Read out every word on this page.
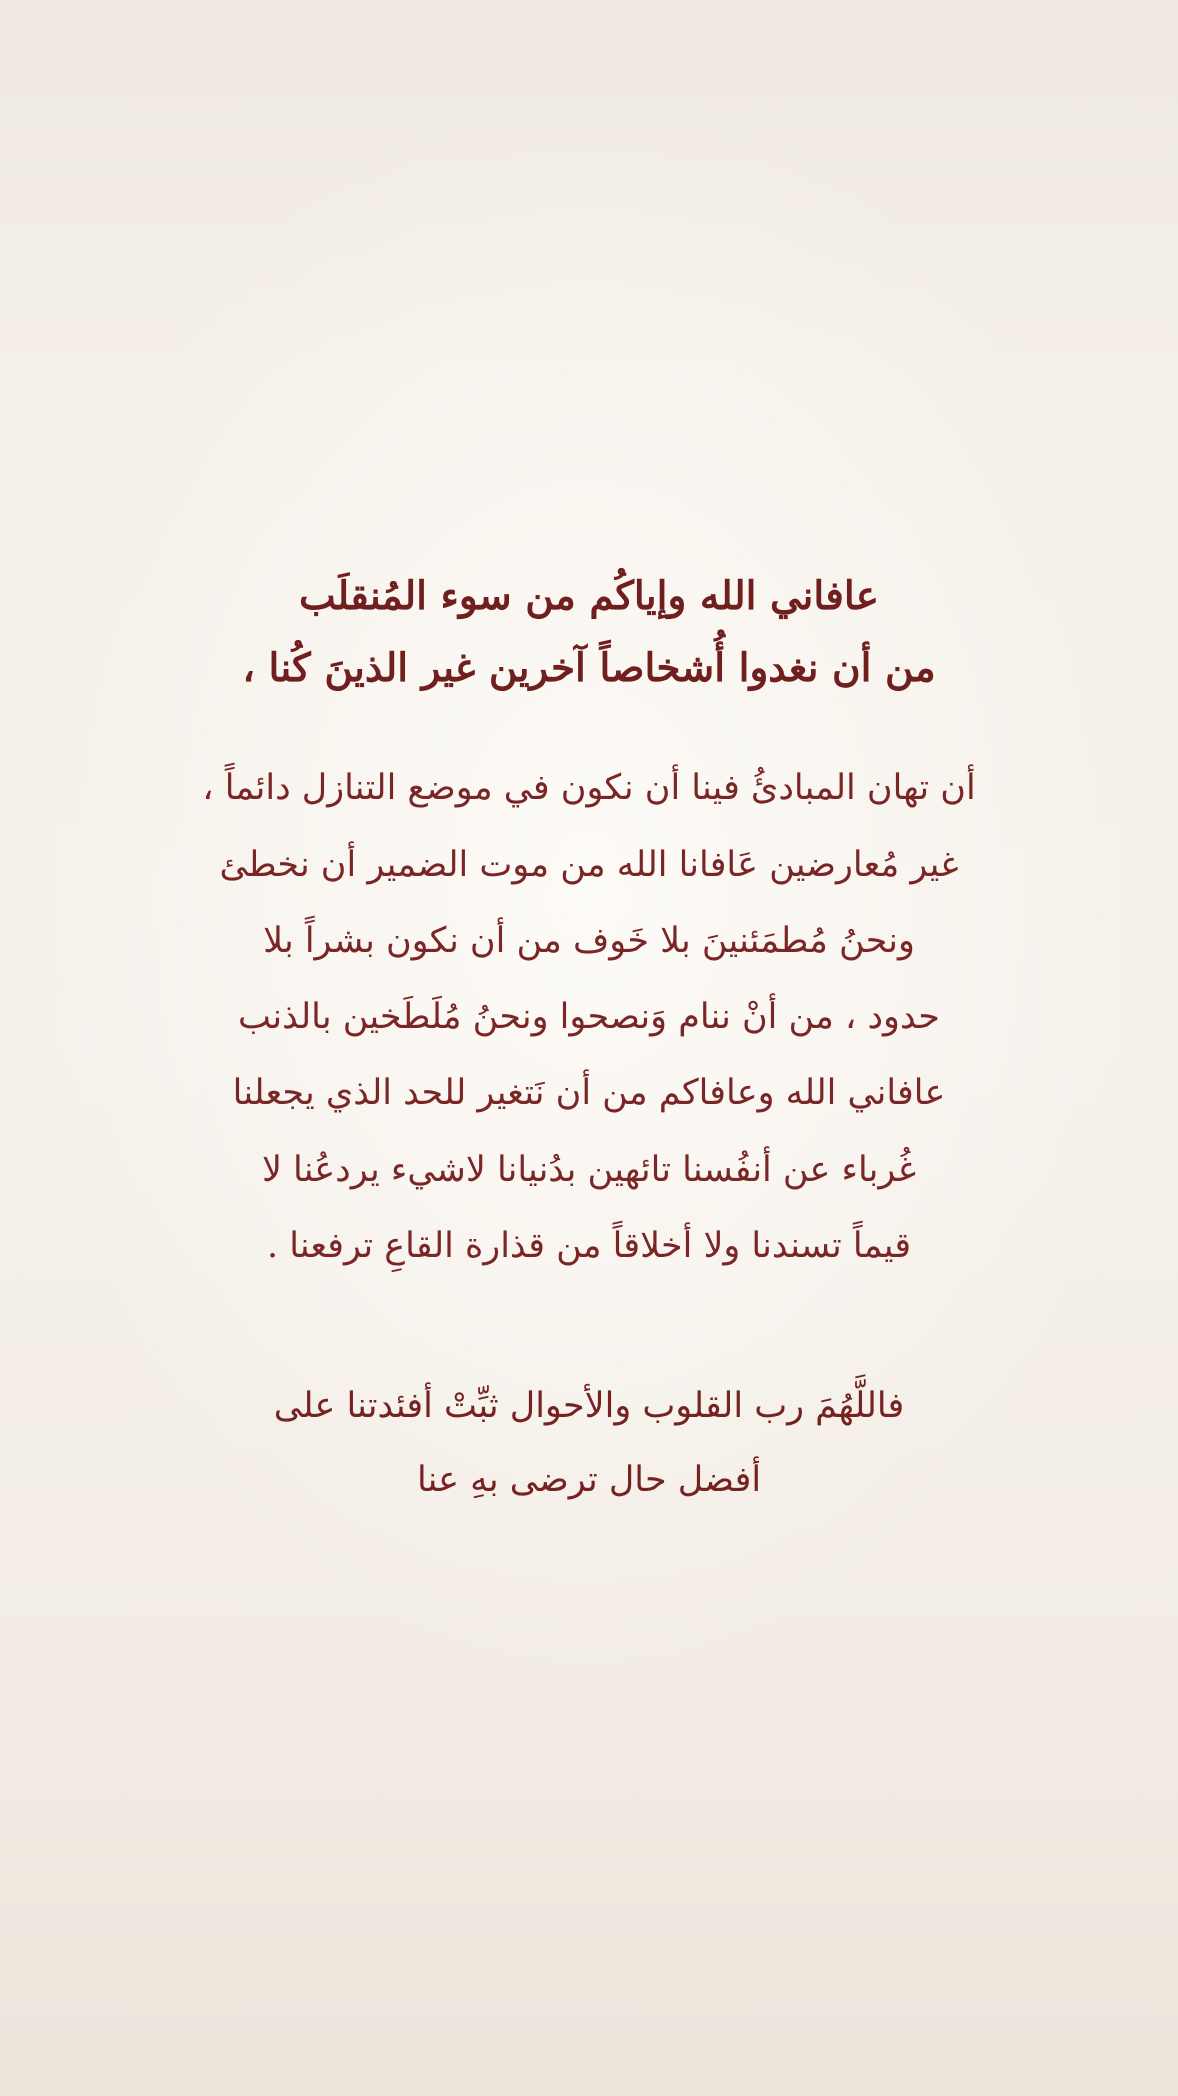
عافاني الله وإياكُم من سوء المُنقلَب
من أن نغدوا أُشخاصاً آخرين غير الذينَ كُنا ،
أن تهان المبادئُ فينا أن نكون في موضع التنازل دائماً ،
غير مُعارضين عَافانا الله من موت الضمير أن نخطئ
ونحنُ مُطمَئنينَ بلا خَوف من أن نكون بشراً بلا
حدود ، من أنْ ننام وَنصحوا ونحنُ مُلَطَخين بالذنب
عافاني الله وعافاكم من أن نَتغير للحد الذي يجعلنا
غُرباء عن أنفُسنا تائهين بدُنيانا لاشيء يردعُنا لا
قيماً تسندنا ولا أخلاقاً من قذارة القاعِ ترفعنا .
فاللَّهُمَ رب القلوب والأحوال ثبِّتْ أفئدتنا على
أفضل حال ترضى بهِ عنا
